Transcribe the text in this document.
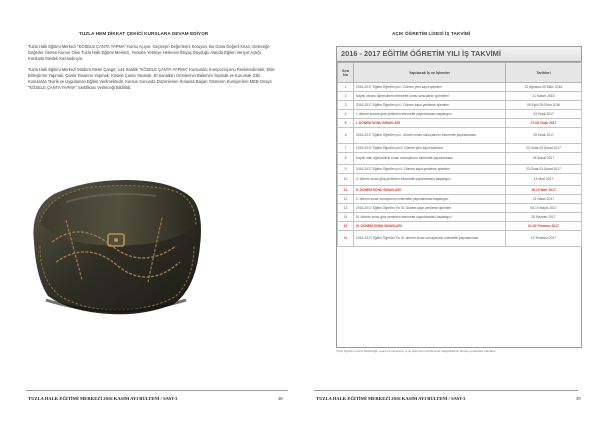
TUZLA HEM DİKKAT ÇEKİCİ KURSLARA DEVAM EDİYOR

Tuzla Halk Eğitimi Merkezi "KÖSELE ÇANTA YAPMA" Kursu Açıyor. Geçmişin Değerlerini Koruyan, Bu Günü Değerli Kılan, Geleceğe Değerler Üreten Kurum Olan Tuzla Halk Eğitimi Merkezi, Yeniden Yetmiye Herkesin İhtiyaç Duyduğu Alanda Eğitim Veriyor Açtığı Kurslarla Meslek Kazandırıyor.

Tuzla Halk Eğitimi Merkezi Müdürü Metin Çangır, 144 Saatlik "KÖSELE ÇANTA YAPMA" Kursunda; Kompozisyonu Renklendirmek, Elde Birleştirme Yapmak, Çanta Tasarımı Yapmak, Kösele Çanta Yapmak, El Sanatları Ürünlerinin Balemini Yapmak ve Korumak Gibi Konularda Teorik ve Uygulamalı Eğitim Verilmektedir. Kursun Sonunda Düzenlenen Sınavda Başarı Gösteren Kursiyerlere MEB Onaylı "KÖSELE ÇANTA YAPMA" Sertifikası Verileceği Bildirildi.

TUZLA HALK EĞİTİMİ MERKEZİ 2016 KASIM AYI BÜLTENİ / SAYI-3	38
AÇIK ÖĞRETİM LİSESİ İŞ TAKVİMİ
2016 - 2017 EĞİTİM ÖĞRETİM YILI İŞ TAKVİMİ
Sıra No	Yapılacak İş ve İşlemler	Tarihleri
1	2016-2017 Eğitim Öğretim yılı I. Dönem yeni kayıt işlemleri	22 Ağustos-09 Ekim 2016
2	Kayıtlı olması öğrencilerin internette sınav sonuçlarını görmeleri	11 Kasım 2016
3	2016-2017 Eğitim Öğretim yılı I. Dönem kayıt yenileme işlemleri	09 Eylül-09 Ekim 2016
4	I. dönem sınava giriş yerlerinin internette yayınlanması başlangıcı	03 Ocak 2017
5	I. DÖNEM SONU SINAVLARI	07-08 Ocak 2017
6	2016-2017 Eğitim Öğretim yılı I. dönem sınav sonuçlarının internette yayınlanması	25 Ocak 2017
7	2016-2017 Eğitim Öğretim yılı II. Dönem yeni kayıt işlemleri	23 Ocak-03 Şubat 2017
8	Kayıtlı olan öğrencilerin sınav sonuçlarının internette yayınlanması	08 Şubat 2017
9	2016-2017 Eğitim Öğretim yılı II. Dönem kayıt yenileme işlemleri	23 Ocak-03 Şubat 2017
10	II. dönem sınav giriş yerlerinin internette yayınlanması başlangıcı	14 Mart 2017
11	II. DÖNEM SONU SINAVLARI	18-19 Mart 2017
12	II. dönem sınav sonuçlarının internette yayınlanması başlangıcı	21 Nisan 2017
13	2016-2017 Eğitim Öğretim Yılı III. Dönem kayıt yenileme işlemleri	08-10 Mayıs 2017
14	III. dönem sınav giriş yerlerinin internette yayınlanması başlangıcı	28 Haziran 2017
15	III. DÖNEM SONU SINAVLARI	01-02 Temmuz 2017
16	2016-2017 Eğitim Öğretim Yılı III. dönem sınav sonuçlarının internette yayınlanması	19 Temmuz 2017
*Açık Öğretim Lisesi Müdürlüğü uyarınca sınavların iş ve işlemlerin tarihlerinde değişikliklerin olması gerekebilir olacaktır.
TUZLA HALK EĞİTİMİ MERKEZİ 2016 KASIM AYI BÜLTENİ / SAYI-3	39
